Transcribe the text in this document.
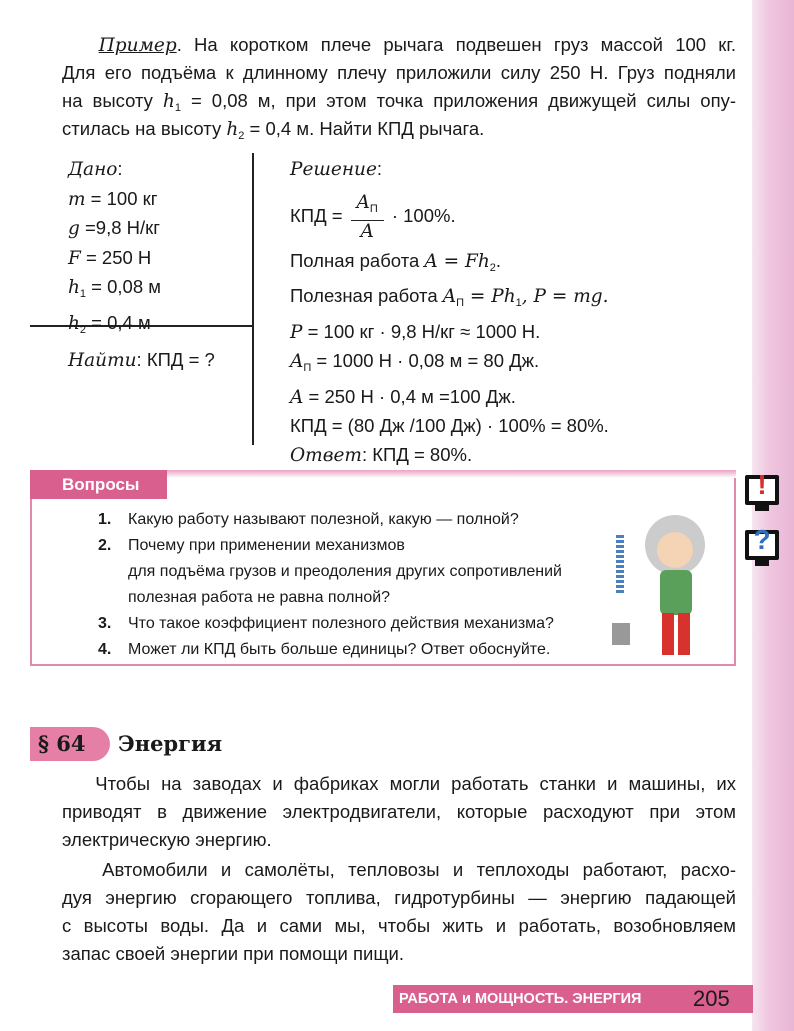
Пример. На коротком плече рычага подвешен груз массой 100 кг.
Для его подъёма к длинному плечу приложили силу 250 Н. Груз подняли
на высоту $h_1 = 0,08$ м, при этом точка приложения движущей силы опу-
стилась на высоту $h_2 = 0,4$ м. Найти КПД рычага.
Дано:
m = 100 кг
g =9,8 Н/кг
F = 250 Н
$h_1 = 0,08$ м
$h_2 = 0,4$ м
Найти: КПД = ?
Решение:
КПД = $\frac{A_П}{A} \cdot 100\%$.
Полная работа $A = Fh_2$.
Полезная работа $A_П = Ph_1$, P = mg.
P = 100 кг · 9,8 Н/кг ≈ 1000 Н.
$A_П = 1000$ Н · 0,08 м = 80 Дж.
A = 250 Н · 0,4 м =100 Дж.
КПД = (80 Дж /100 Дж) · 100% = 80%.
Ответ: КПД = 80%.
Вопросы
1. Какую работу называют полезной, какую — полной?
2. Почему при применении механизмов
для подъёма грузов и преодоления других сопротивлений
полезная работа не равна полной?
3. Что такое коэффициент полезного действия механизма?
4. Может ли КПД быть больше единицы? Ответ обоснуйте.
!
?
§ 64	Энергия
Чтобы на заводах и фабриках могли работать станки и машины, их
приводят в движение электродвигатели, которые расходуют при этом
электрическую энергию.
Автомобили и самолёты, тепловозы и теплоходы работают, расхо-
дуя энергию сгорающего топлива, гидротурбины — энергию падающей
с высоты воды. Да и сами мы, чтобы жить и работать, возобновляем
запас своей энергии при помощи пищи.
РАБОТА и МОЩНОСТЬ. ЭНЕРГИЯ 205
